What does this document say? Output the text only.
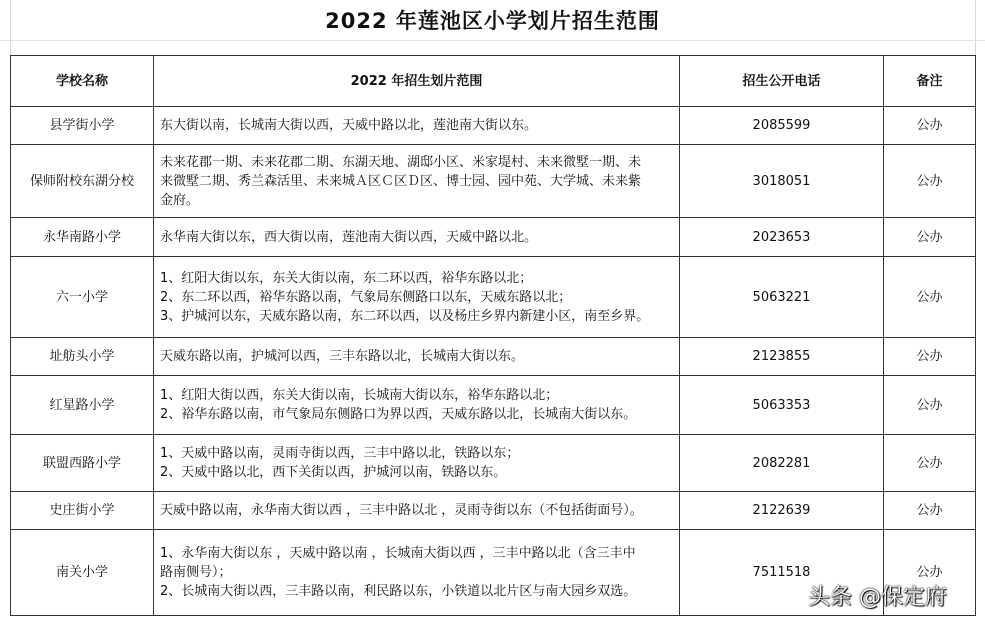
2022 年莲池区小学划片招生范围
学校名称	2022 年招生划片范围	招生公开电话	备注
县学街小学	东大街以南，长城南大街以西，天威中路以北，莲池南大街以东。	2085599	公办
保师附校东湖分校	未来花郡一期、未来花郡二期、东湖天地、湖邸小区、米家堤村、未来微墅一期、未
来微墅二期、秀兰森活里、未来城Ａ区Ｃ区Ｄ区、博士园、园中苑、大学城、未来紫
金府。	3018051	公办
永华南路小学	永华南大街以东，西大街以南，莲池南大街以西，天威中路以北。	2023653	公办
六一小学	1、红阳大街以东，东关大街以南，东二环以西，裕华东路以北；
2、东二环以西，裕华东路以南，气象局东侧路口以东，天威东路以北；
3、护城河以东，天威东路以南，东二环以西，以及杨庄乡界内新建小区，南至乡界。	5063221	公办
址舫头小学	天威东路以南，护城河以西，三丰东路以北，长城南大街以东。	2123855	公办
红星路小学	1、红阳大街以西，东关大街以南，长城南大街以东，裕华东路以北；
2、裕华东路以南，市气象局东侧路口为界以西，天威东路以北，长城南大街以东。	5063353	公办
联盟西路小学	1、天威中路以南，灵雨寺街以西，三丰中路以北，铁路以东；
2、天威中路以北，西下关街以西，护城河以南，铁路以东。	2082281	公办
史庄街小学	天威中路以南，永华南大街以西 ，三丰中路以北 ，灵雨寺街以东（不包括街面号）。	2122639	公办
南关小学	1、永华南大街以东 ，天威中路以南 ，长城南大街以西 ，三丰中路以北（含三丰中
路南侧号）；
2、长城南大街以西，三丰路以南，利民路以东，小铁道以北片区与南大园乡双选。	7511518	公办
头条 @保定府
